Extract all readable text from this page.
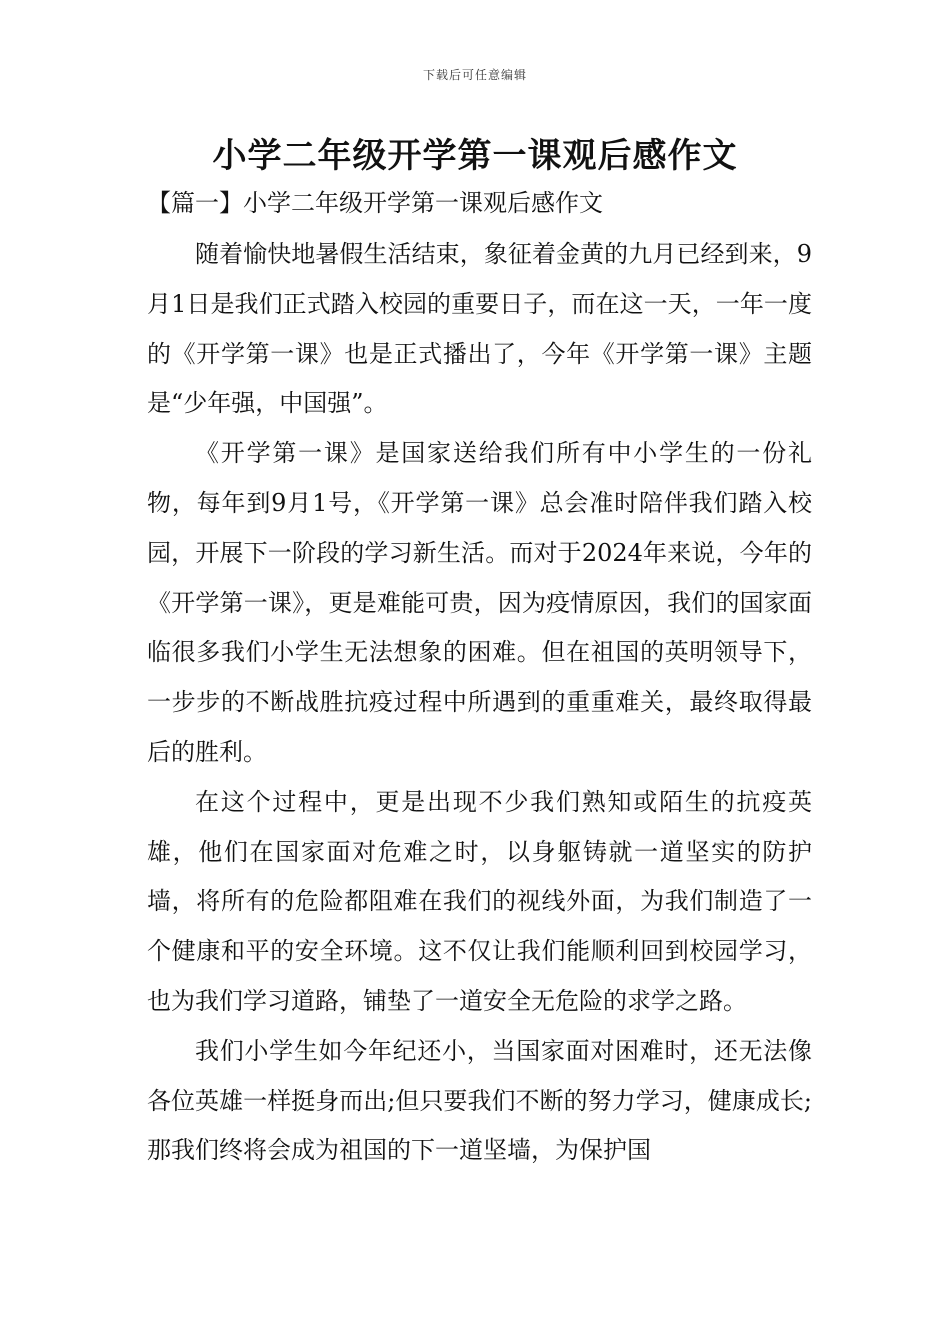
下载后可任意编辑
小学二年级开学第一课观后感作文
【篇一】小学二年级开学第一课观后感作文

随着愉快地暑假生活结束，象征着金黄的九月已经到来，9月1日是我们正式踏入校园的重要日子，而在这一天，一年一度的《开学第一课》也是正式播出了，今年《开学第一课》主题是“少年强，中国强”。

《开学第一课》是国家送给我们所有中小学生的一份礼物，每年到9月1号，《开学第一课》总会准时陪伴我们踏入校园，开展下一阶段的学习新生活。而对于2024年来说，今年的《开学第一课》，更是难能可贵，因为疫情原因，我们的国家面临很多我们小学生无法想象的困难。但在祖国的英明领导下，一步步的不断战胜抗疫过程中所遇到的重重难关，最终取得最后的胜利。

在这个过程中，更是出现不少我们熟知或陌生的抗疫英雄，他们在国家面对危难之时，以身躯铸就一道坚实的防护墙，将所有的危险都阻难在我们的视线外面，为我们制造了一个健康和平的安全环境。这不仅让我们能顺利回到校园学习，也为我们学习道路，铺垫了一道安全无危险的求学之路。

我们小学生如今年纪还小，当国家面对困难时，还无法像各位英雄一样挺身而出;但只要我们不断的努力学习，健康成长;那我们终将会成为祖国的下一道坚墙，为保护国
